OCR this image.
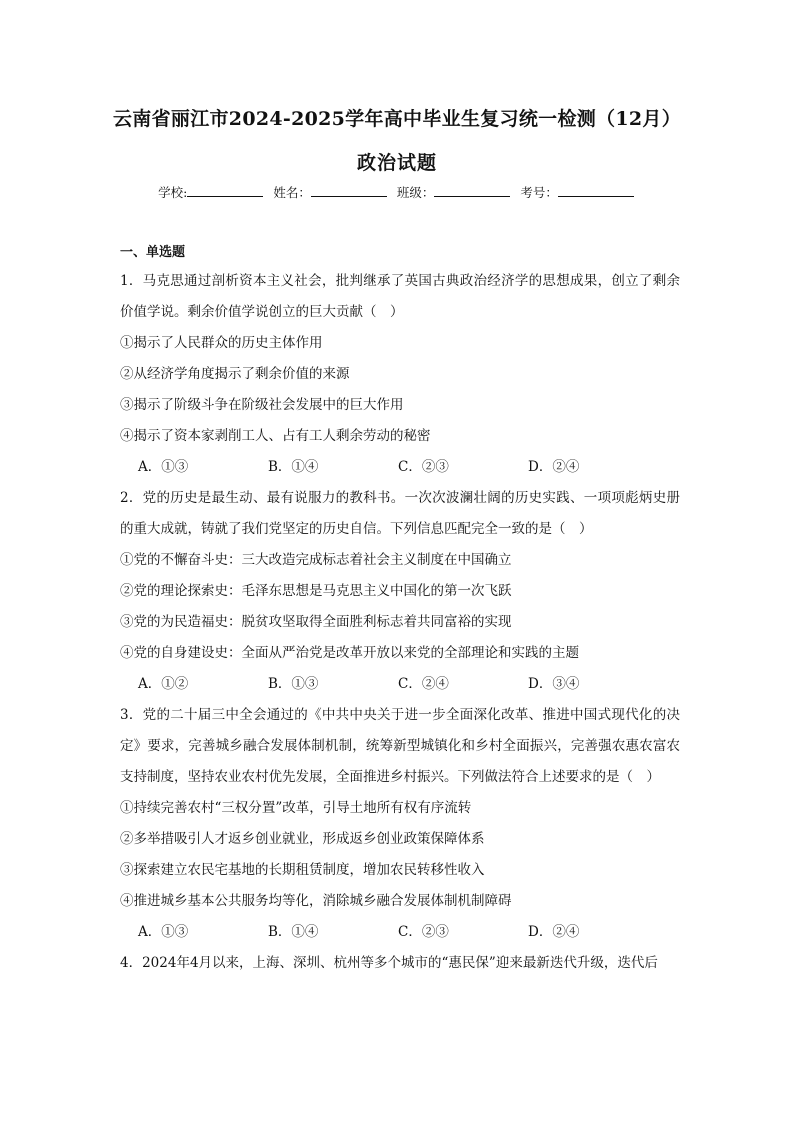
云南省丽江市2024-2025学年高中毕业生复习统一检测（12月）
政治试题
学校:	姓名：	班级：	考号：
一、单选题
1．马克思通过剖析资本主义社会，批判继承了英国古典政治经济学的思想成果，创立了剩余价值学说。剩余价值学说创立的巨大贡献（　）
①揭示了人民群众的历史主体作用
②从经济学角度揭示了剩余价值的来源
③揭示了阶级斗争在阶级社会发展中的巨大作用
④揭示了资本家剥削工人、占有工人剩余劳动的秘密
A．①③	B．①④	C．②③	D．②④
2．党的历史是最生动、最有说服力的教科书。一次次波澜壮阔的历史实践、一项项彪炳史册的重大成就，铸就了我们党坚定的历史自信。下列信息匹配完全一致的是（　）
①党的不懈奋斗史：三大改造完成标志着社会主义制度在中国确立
②党的理论探索史：毛泽东思想是马克思主义中国化的第一次飞跃
③党的为民造福史：脱贫攻坚取得全面胜利标志着共同富裕的实现
④党的自身建设史：全面从严治党是改革开放以来党的全部理论和实践的主题
A．①②	B．①③	C．②④	D．③④
3．党的二十届三中全会通过的《中共中央关于进一步全面深化改革、推进中国式现代化的决定》要求，完善城乡融合发展体制机制，统筹新型城镇化和乡村全面振兴，完善强农惠农富农支持制度，坚持农业农村优先发展，全面推进乡村振兴。下列做法符合上述要求的是（　）
①持续完善农村“三权分置”改革，引导土地所有权有序流转
②多举措吸引人才返乡创业就业，形成返乡创业政策保障体系
③探索建立农民宅基地的长期租赁制度，增加农民转移性收入
④推进城乡基本公共服务均等化，消除城乡融合发展体制机制障碍
A．①③	B．①④	C．②③	D．②④
4．2024年4月以来，上海、深圳、杭州等多个城市的“惠民保”迎来最新迭代升级，迭代后
